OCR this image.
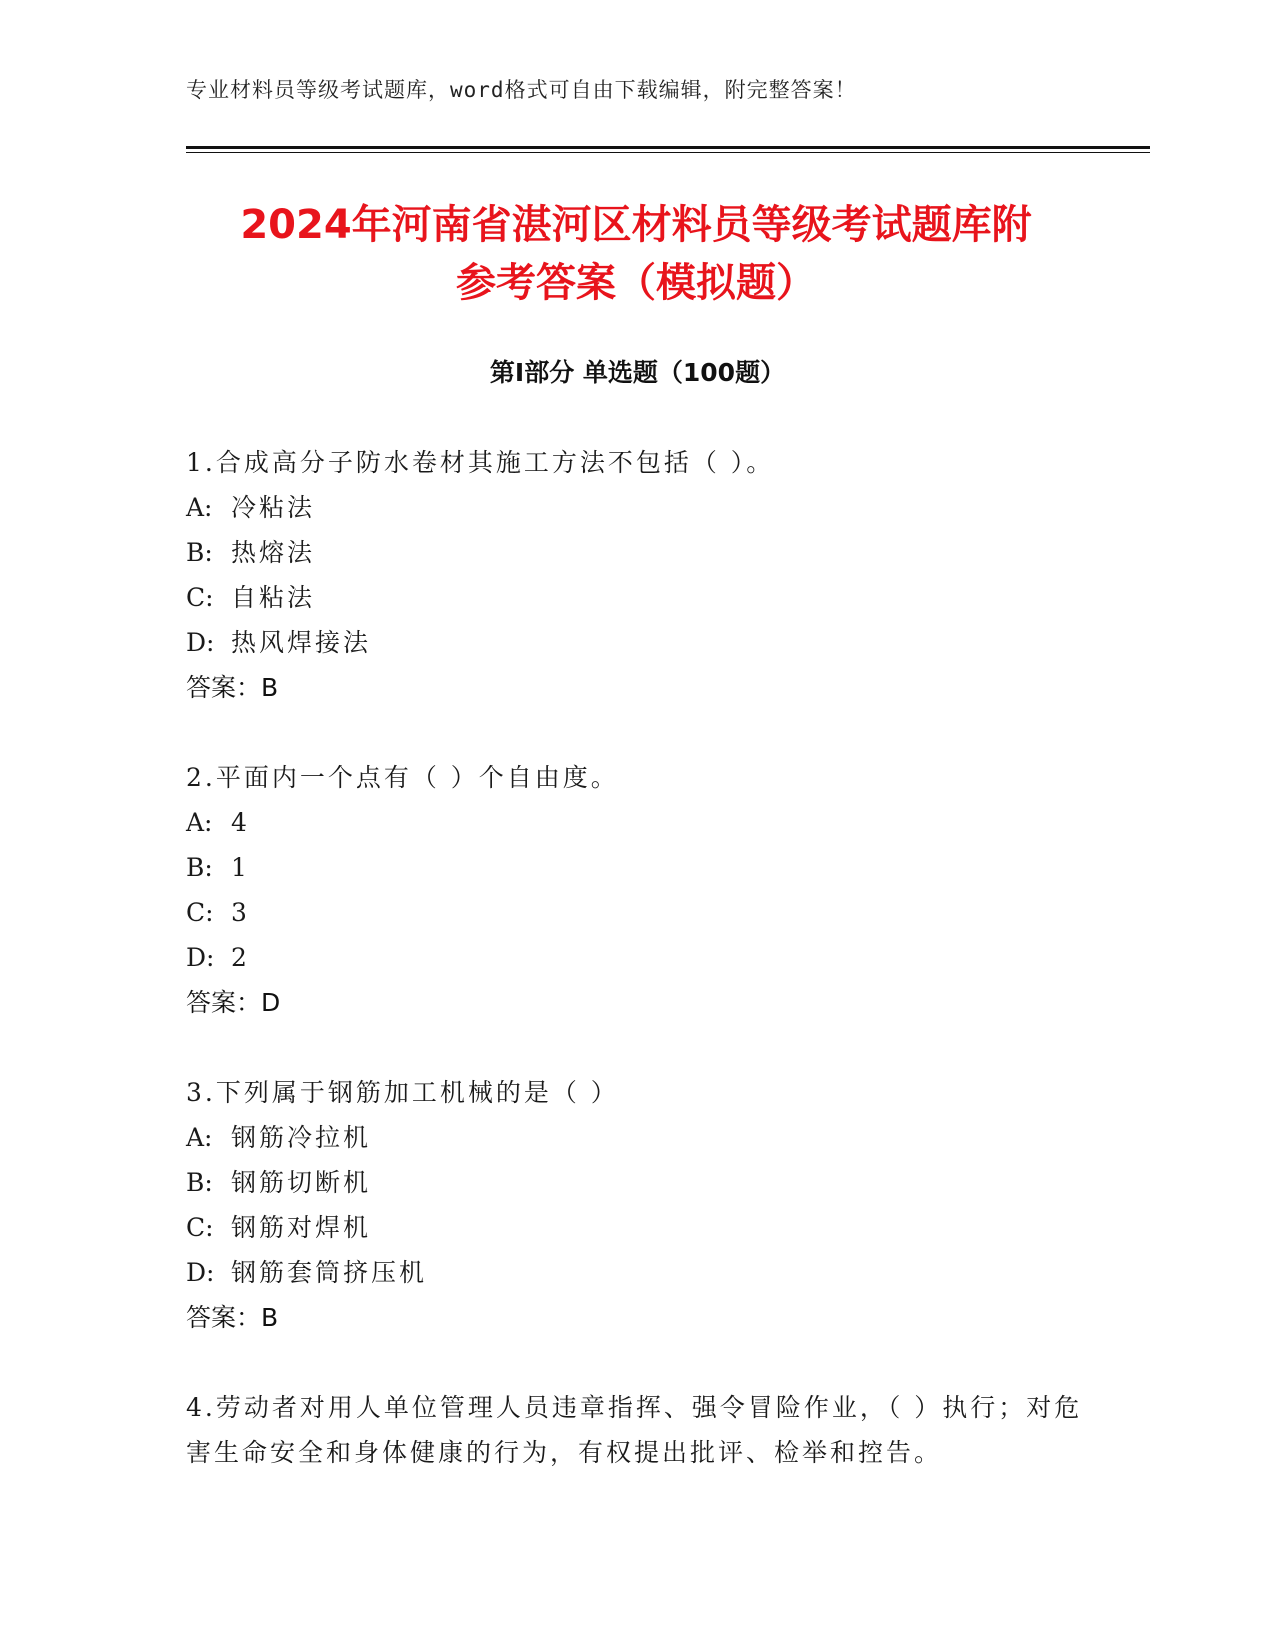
专业材料员等级考试题库，word格式可自由下载编辑，附完整答案！
2024年河南省湛河区材料员等级考试题库附
参考答案（模拟题）
第Ⅰ部分 单选题（100题）
1.合成高分子防水卷材其施工方法不包括（ ）。
A: 冷粘法
B: 热熔法
C: 自粘法
D: 热风焊接法
答案：B
2.平面内一个点有（ ）个自由度。
A: 4
B: 1
C: 3
D: 2
答案：D
3.下列属于钢筋加工机械的是（ ）
A: 钢筋冷拉机
B: 钢筋切断机
C: 钢筋对焊机
D: 钢筋套筒挤压机
答案：B
4.劳动者对用人单位管理人员违章指挥、强令冒险作业，（ ）执行；对危害生命安全和身体健康的行为，有权提出批评、检举和控告。
